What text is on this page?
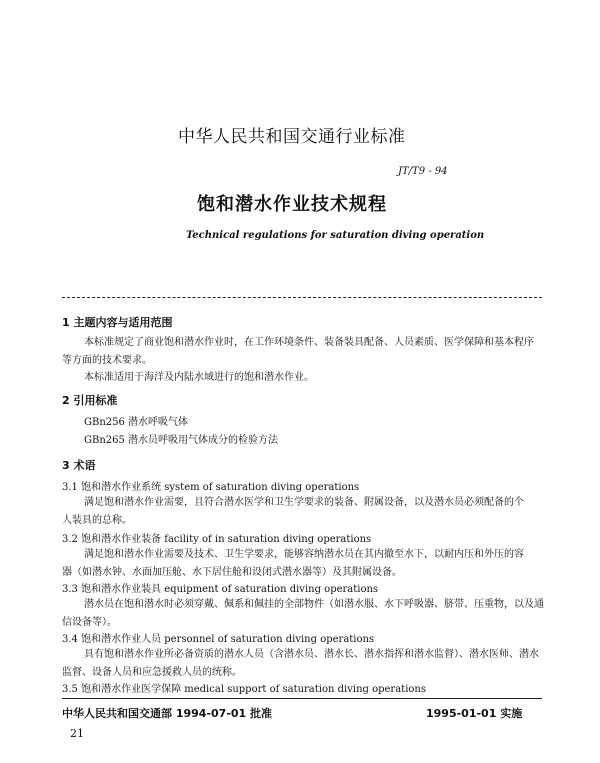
中华人民共和国交通行业标准
JT/T9 - 94
饱和潜水作业技术规程
Technical regulations for saturation diving operation
1 主题内容与适用范围
本标准规定了商业饱和潜水作业时，在工作环境条件、装备装具配备、人员素质、医学保障和基本程序
等方面的技术要求。
本标准适用于海洋及内陆水域进行的饱和潜水作业。
2 引用标准
GBn256 潜水呼吸气体
GBn265 潜水员呼吸用气体成分的检验方法
3 术语
3.1 饱和潜水作业系统 system of saturation diving operations
满足饱和潜水作业需要，且符合潜水医学和卫生学要求的装备、附属设备，以及潜水员必须配备的个
人装具的总称。
3.2 饱和潜水作业装备 facility of in saturation diving operations
满足饱和潜水作业需要及技术、卫生学要求，能够容纳潜水员在其内撤至水下，以耐内压和外压的容
器（如潜水钟、水面加压舱、水下居住舱和设闭式潜水器等）及其附属设备。
3.3 饱和潜水作业装具 equipment of saturation diving operations
潜水员在饱和潜水时必须穿戴、佩系和佩挂的全部物件（如潜水服、水下呼吸器、脐带、压重物，以及通
信设备等）。
3.4 饱和潜水作业人员 personnel of saturation diving operations
具有饱和潜水作业所必备资质的潜水人员（含潜水员、潜水长、潜水指挥和潜水监督）、潜水医师、潜水
监督、设备人员和应急援救人员的统称。
3.5 饱和潜水作业医学保障 medical support of saturation diving operations
中华人民共和国交通部 1994-07-01 批准	1995-01-01 实施
21
